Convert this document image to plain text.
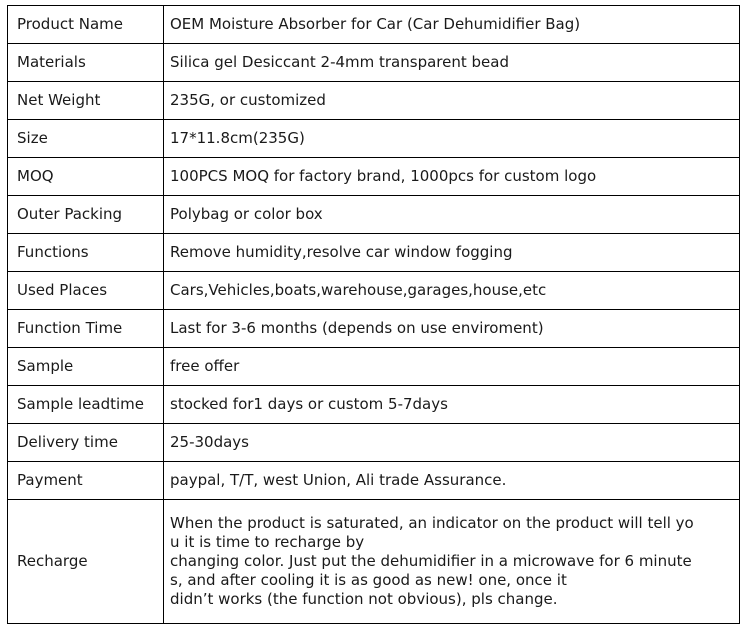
Product Name	OEM Moisture Absorber for Car (Car Dehumidifier Bag)
Materials	Silica gel Desiccant 2-4mm transparent bead
Net Weight	235G, or customized
Size	17*11.8cm(235G)
MOQ	100PCS MOQ for factory brand, 1000pcs for custom logo
Outer Packing	Polybag or color box
Functions	Remove humidity,resolve car window fogging
Used Places	Cars,Vehicles,boats,warehouse,garages,house,etc
Function Time	Last for 3-6 months (depends on use enviroment)
Sample	free offer
Sample leadtime	stocked for1 days or custom 5-7days
Delivery time	25-30days
Payment	paypal, T/T, west Union, Ali trade Assurance.
Recharge	When the product is saturated, an indicator on the product will tell yo
u it is time to recharge by
changing color. Just put the dehumidifier in a microwave for 6 minute
s, and after cooling it is as good as new! one, once it
didn’t works (the function not obvious), pls change.
